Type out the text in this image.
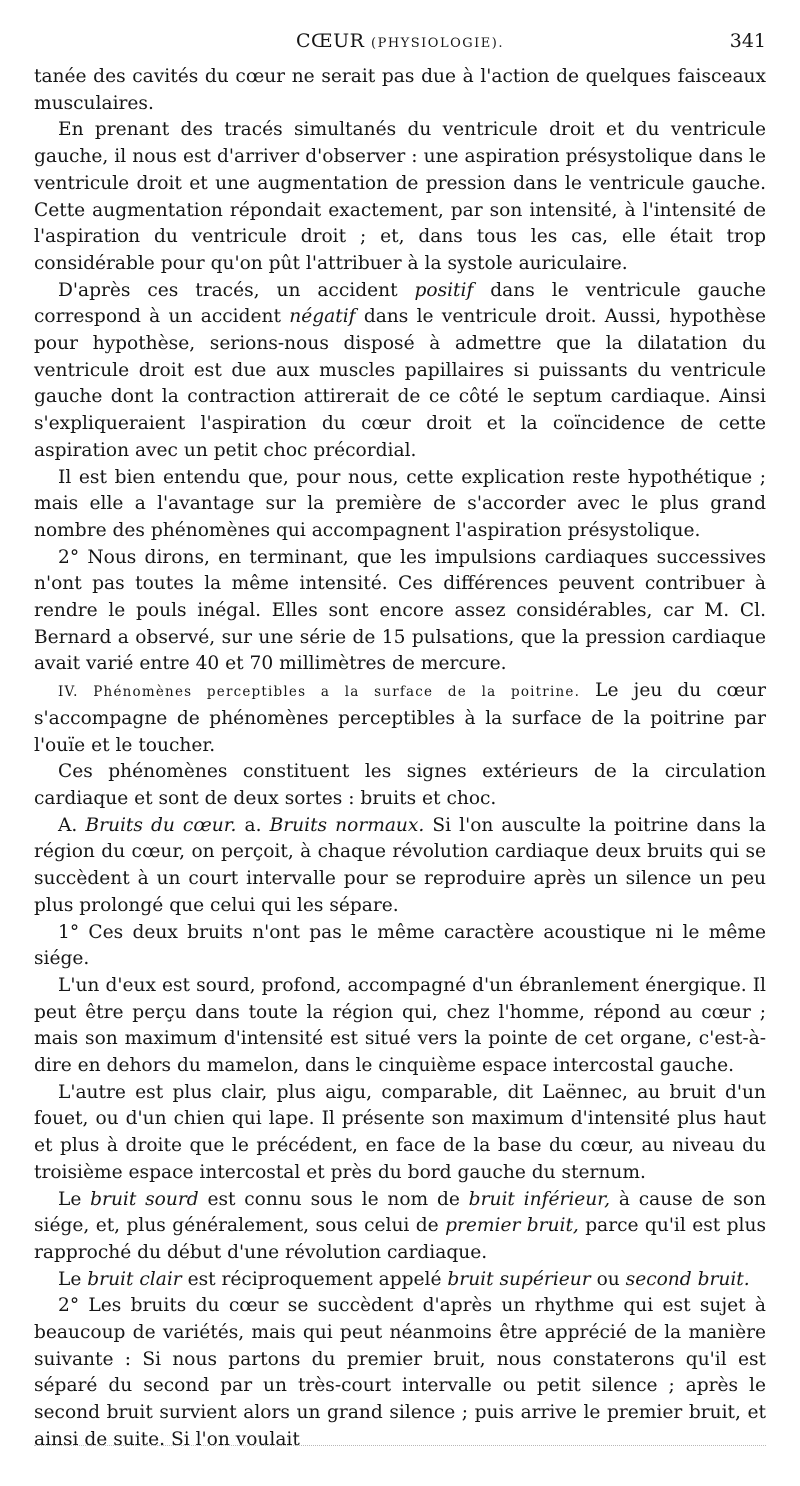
CŒUR (PHYSIOLOGIE).	341

tanée des cavités du cœur ne serait pas due à l'action de quelques faisceaux musculaires.

En prenant des tracés simultanés du ventricule droit et du ventricule gauche, il nous est d'arriver d'observer : une aspiration présystolique dans le ventricule droit et une augmentation de pression dans le ventricule gauche. Cette augmentation répondait exactement, par son intensité, à l'intensité de l'aspiration du ventricule droit ; et, dans tous les cas, elle était trop considérable pour qu'on pût l'attribuer à la systole auriculaire.

D'après ces tracés, un accident positif dans le ventricule gauche correspond à un accident négatif dans le ventricule droit. Aussi, hypothèse pour hypothèse, serions-nous disposé à admettre que la dilatation du ventricule droit est due aux muscles papillaires si puissants du ventricule gauche dont la contraction attirerait de ce côté le septum cardiaque. Ainsi s'expliqueraient l'aspiration du cœur droit et la coïncidence de cette aspiration avec un petit choc précordial.

Il est bien entendu que, pour nous, cette explication reste hypothétique ; mais elle a l'avantage sur la première de s'accorder avec le plus grand nombre des phénomènes qui accompagnent l'aspiration présystolique.

2° Nous dirons, en terminant, que les impulsions cardiaques successives n'ont pas toutes la même intensité. Ces différences peuvent contribuer à rendre le pouls inégal. Elles sont encore assez considérables, car M. Cl. Bernard a observé, sur une série de 15 pulsations, que la pression cardiaque avait varié entre 40 et 70 millimètres de mercure.

IV. Phénomènes perceptibles a la surface de la poitrine. Le jeu du cœur s'accompagne de phénomènes perceptibles à la surface de la poitrine par l'ouïe et le toucher.

Ces phénomènes constituent les signes extérieurs de la circulation cardiaque et sont de deux sortes : bruits et choc.

A. Bruits du cœur. a. Bruits normaux. Si l'on ausculte la poitrine dans la région du cœur, on perçoit, à chaque révolution cardiaque deux bruits qui se succèdent à un court intervalle pour se reproduire après un silence un peu plus prolongé que celui qui les sépare.

1° Ces deux bruits n'ont pas le même caractère acoustique ni le même siége.

L'un d'eux est sourd, profond, accompagné d'un ébranlement énergique. Il peut être perçu dans toute la région qui, chez l'homme, répond au cœur ; mais son maximum d'intensité est situé vers la pointe de cet organe, c'est-à-dire en dehors du mamelon, dans le cinquième espace intercostal gauche.

L'autre est plus clair, plus aigu, comparable, dit Laënnec, au bruit d'un fouet, ou d'un chien qui lape. Il présente son maximum d'intensité plus haut et plus à droite que le précédent, en face de la base du cœur, au niveau du troisième espace intercostal et près du bord gauche du sternum.

Le bruit sourd est connu sous le nom de bruit inférieur, à cause de son siége, et, plus généralement, sous celui de premier bruit, parce qu'il est plus rapproché du début d'une révolution cardiaque.

Le bruit clair est réciproquement appelé bruit supérieur ou second bruit.

2° Les bruits du cœur se succèdent d'après un rhythme qui est sujet à beaucoup de variétés, mais qui peut néanmoins être apprécié de la manière suivante : Si nous partons du premier bruit, nous constaterons qu'il est séparé du second par un très-court intervalle ou petit silence ; après le second bruit survient alors un grand silence ; puis arrive le premier bruit, et ainsi de suite. Si l'on voulait
